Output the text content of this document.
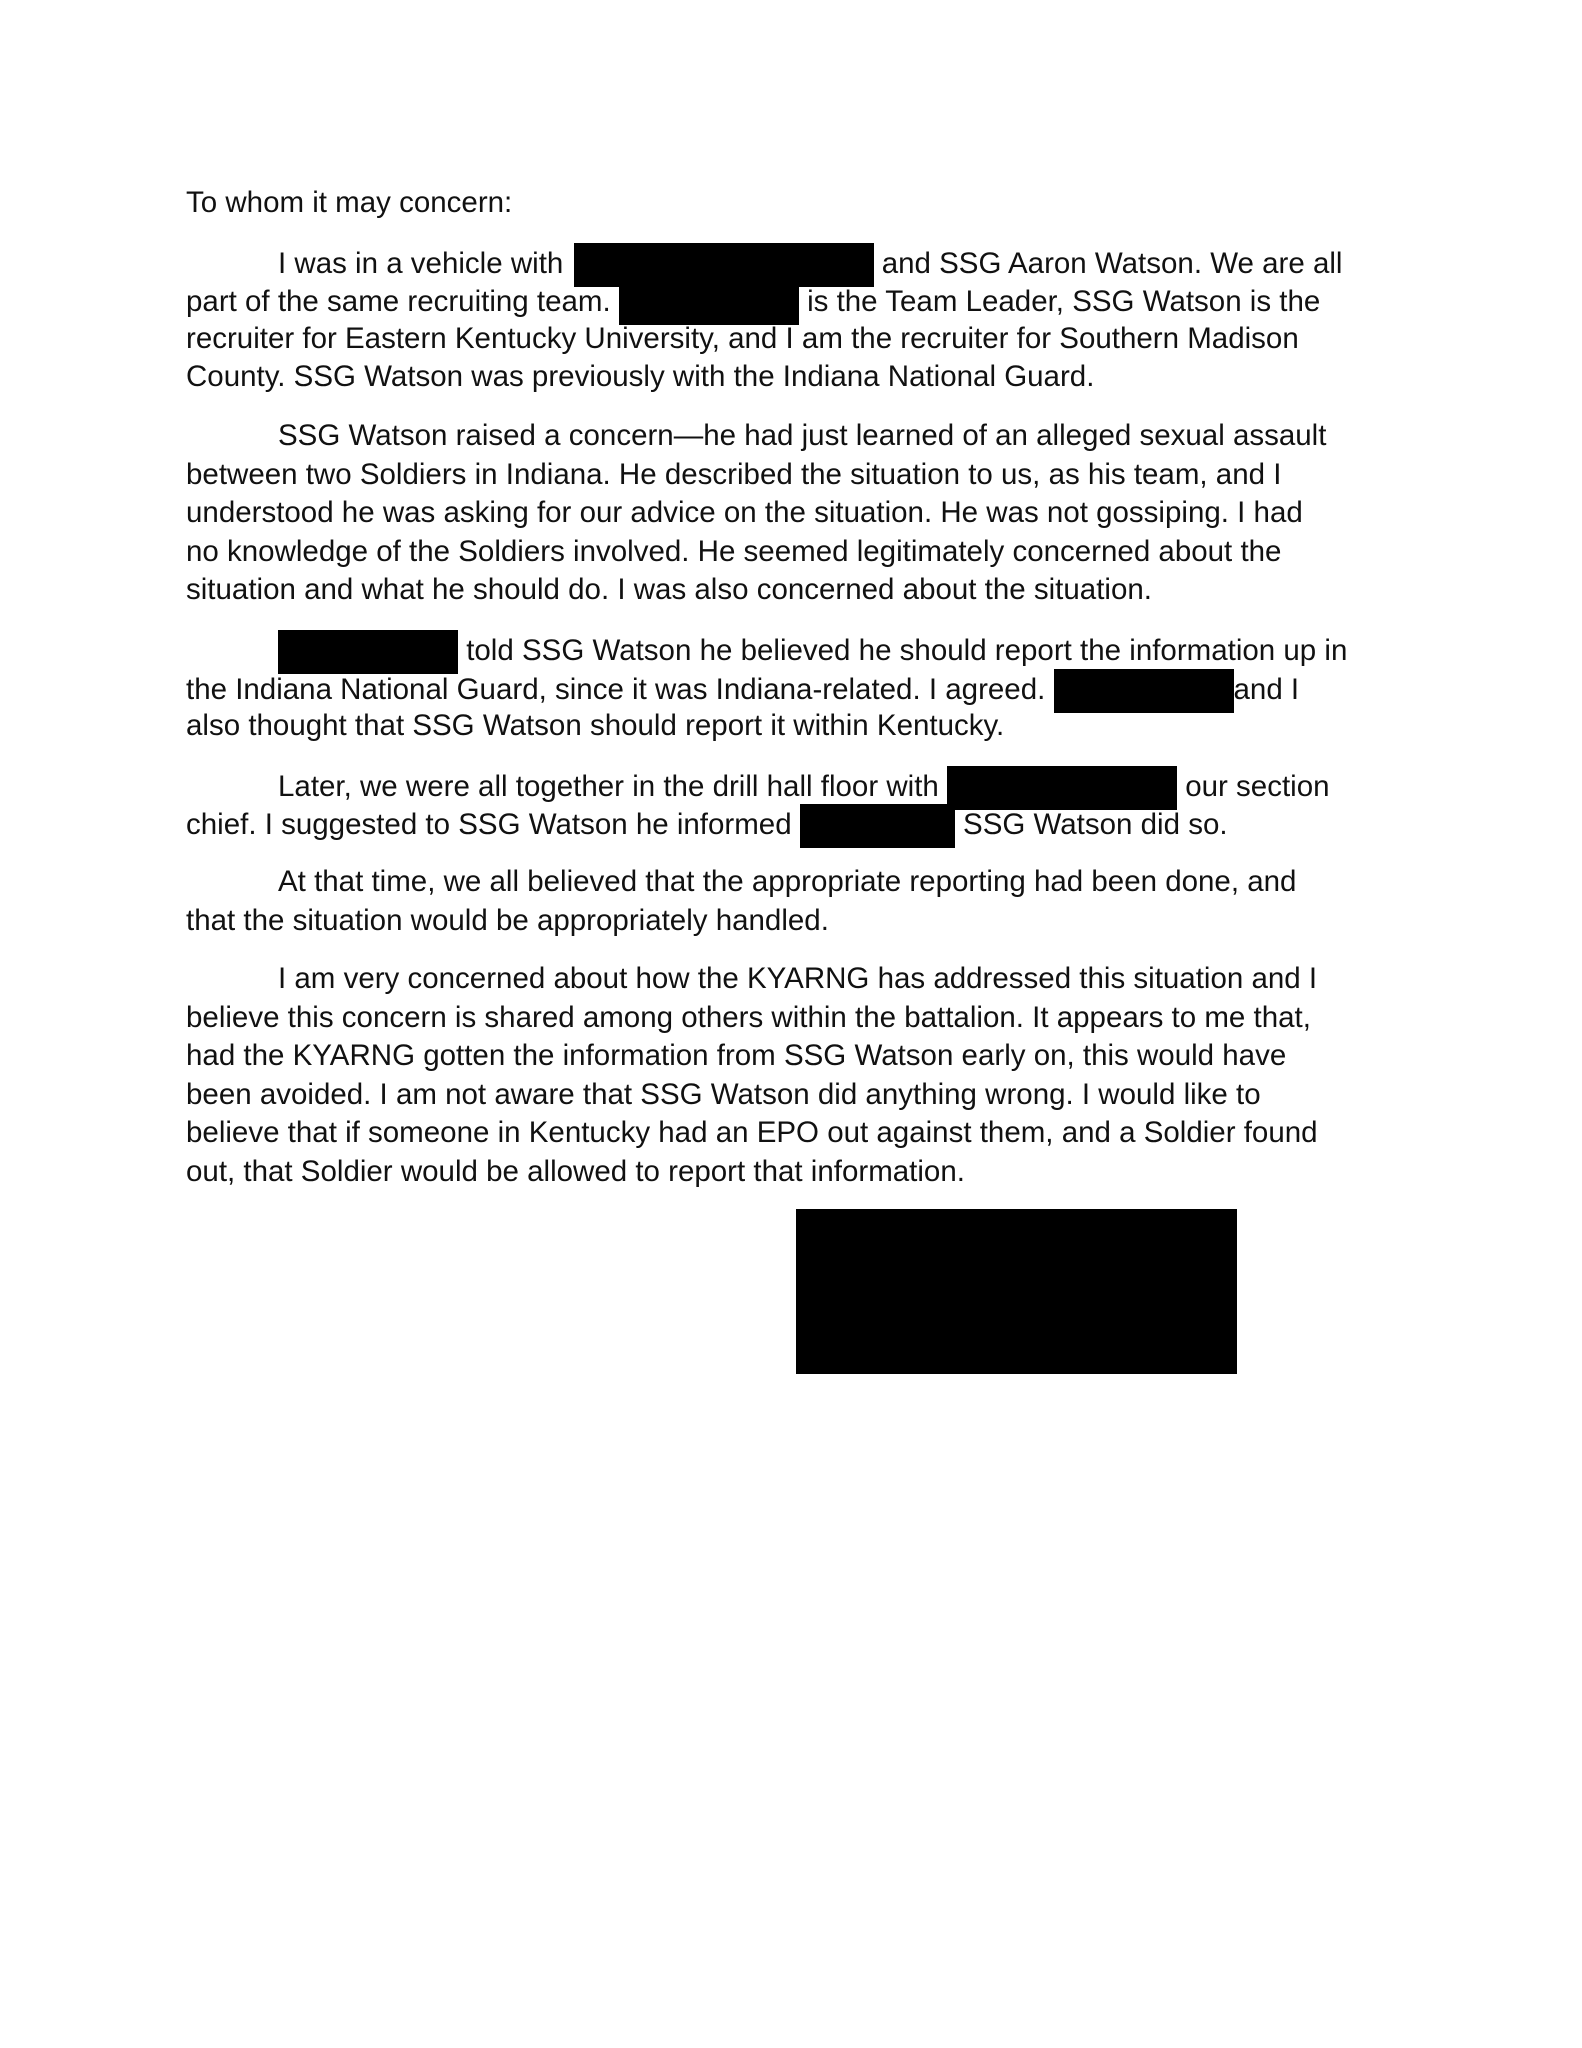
To whom it may concern:
I was in a vehicle with	and SSG Aaron Watson. We are all
part of the same recruiting team.	is the Team Leader, SSG Watson is the
recruiter for Eastern Kentucky University, and I am the recruiter for Southern Madison
County. SSG Watson was previously with the Indiana National Guard.
SSG Watson raised a concern—he had just learned of an alleged sexual assault
between two Soldiers in Indiana. He described the situation to us, as his team, and I
understood he was asking for our advice on the situation. He was not gossiping. I had
no knowledge of the Soldiers involved. He seemed legitimately concerned about the
situation and what he should do. I was also concerned about the situation.
told SSG Watson he believed he should report the information up in
the Indiana National Guard, since it was Indiana-related. I agreed.	and I
also thought that SSG Watson should report it within Kentucky.
Later, we were all together in the drill hall floor with	our section
chief. I suggested to SSG Watson he informed	SSG Watson did so.
At that time, we all believed that the appropriate reporting had been done, and
that the situation would be appropriately handled.
I am very concerned about how the KYARNG has addressed this situation and I
believe this concern is shared among others within the battalion. It appears to me that,
had the KYARNG gotten the information from SSG Watson early on, this would have
been avoided. I am not aware that SSG Watson did anything wrong. I would like to
believe that if someone in Kentucky had an EPO out against them, and a Soldier found
out, that Soldier would be allowed to report that information.
